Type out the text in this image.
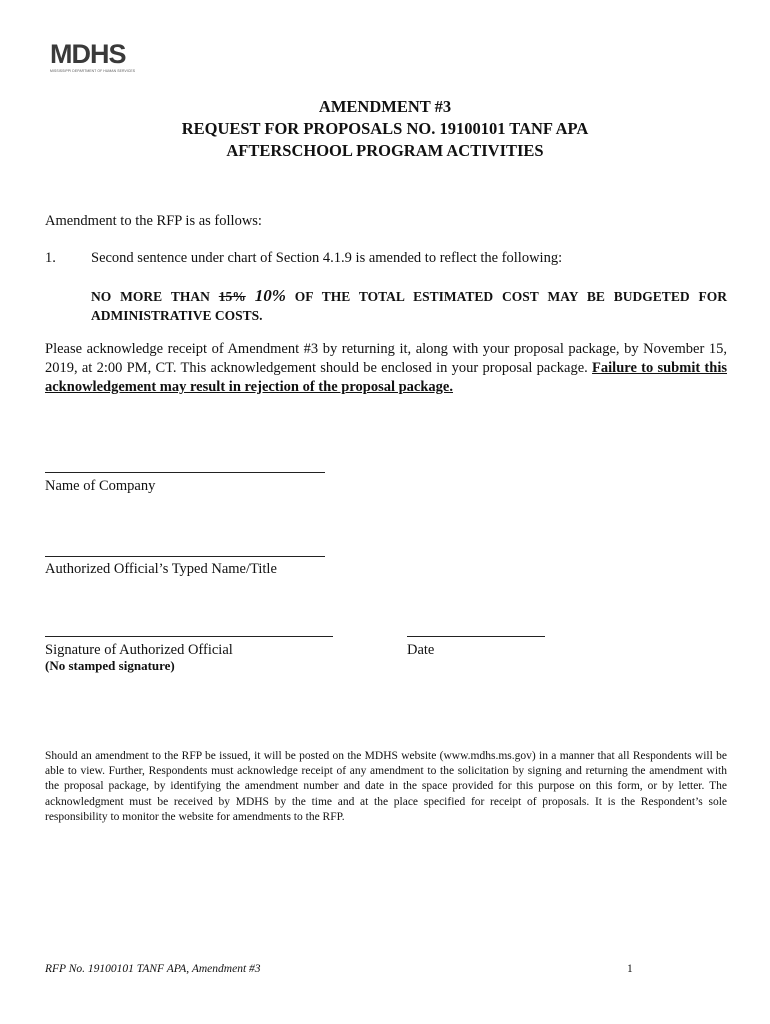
MDHS
MISSISSIPPI DEPARTMENT OF HUMAN SERVICES
AMENDMENT #3
REQUEST FOR PROPOSALS NO. 19100101 TANF APA
AFTERSCHOOL PROGRAM ACTIVITIES
Amendment to the RFP is as follows:
1. Second sentence under chart of Section 4.1.9 is amended to reflect the following:
NO MORE THAN 15% 10% OF THE TOTAL ESTIMATED COST MAY BE BUDGETED FOR ADMINISTRATIVE COSTS.
Please acknowledge receipt of Amendment #3 by returning it, along with your proposal package, by November 15, 2019, at 2:00 PM, CT. This acknowledgement should be enclosed in your proposal package. Failure to submit this acknowledgement may result in rejection of the proposal package.
Name of Company
Authorized Official’s Typed Name/Title
Signature of Authorized Official
(No stamped signature)
Date
Should an amendment to the RFP be issued, it will be posted on the MDHS website (www.mdhs.ms.gov) in a manner that all Respondents will be able to view. Further, Respondents must acknowledge receipt of any amendment to the solicitation by signing and returning the amendment with the proposal package, by identifying the amendment number and date in the space provided for this purpose on this form, or by letter. The acknowledgment must be received by MDHS by the time and at the place specified for receipt of proposals. It is the Respondent’s sole responsibility to monitor the website for amendments to the RFP.
RFP No. 19100101 TANF APA, Amendment #3	1
